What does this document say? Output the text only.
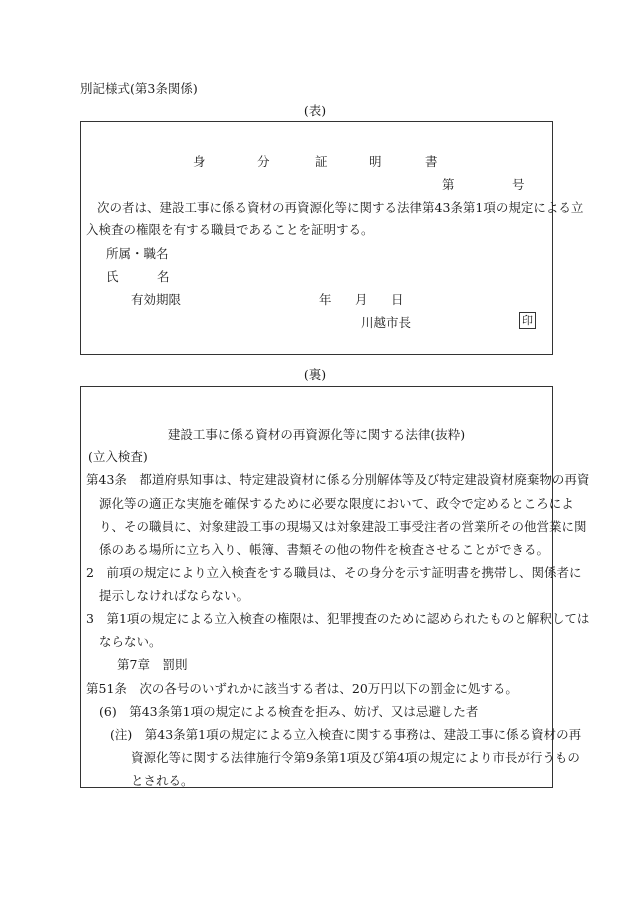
別記様式(第3条関係)
(表)
身	分	証	明	書
第	号
次の者は、建設工事に係る資材の再資源化等に関する法律第43条第1項の規定による立
入検査の権限を有する職員であることを証明する。
所属・職名
氏	名
有効期限	年 月 日
川越市長	印
(裏)
建設工事に係る資材の再資源化等に関する法律(抜粋)
(立入検査)
第43条　都道府県知事は、特定建設資材に係る分別解体等及び特定建設資材廃棄物の再資
源化等の適正な実施を確保するために必要な限度において、政令で定めるところによ
り、その職員に、対象建設工事の現場又は対象建設工事受注者の営業所その他営業に関
係のある場所に立ち入り、帳簿、書類その他の物件を検査させることができる。
2　前項の規定により立入検査をする職員は、その身分を示す証明書を携帯し、関係者に
提示しなければならない。
3　第1項の規定による立入検査の権限は、犯罪捜査のために認められたものと解釈しては
ならない。
第7章　罰則
第51条　次の各号のいずれかに該当する者は、20万円以下の罰金に処する。
(6)　第43条第1項の規定による検査を拒み、妨げ、又は忌避した者
(注)　第43条第1項の規定による立入検査に関する事務は、建設工事に係る資材の再
資源化等に関する法律施行令第9条第1項及び第4項の規定により市長が行うもの
とされる。
